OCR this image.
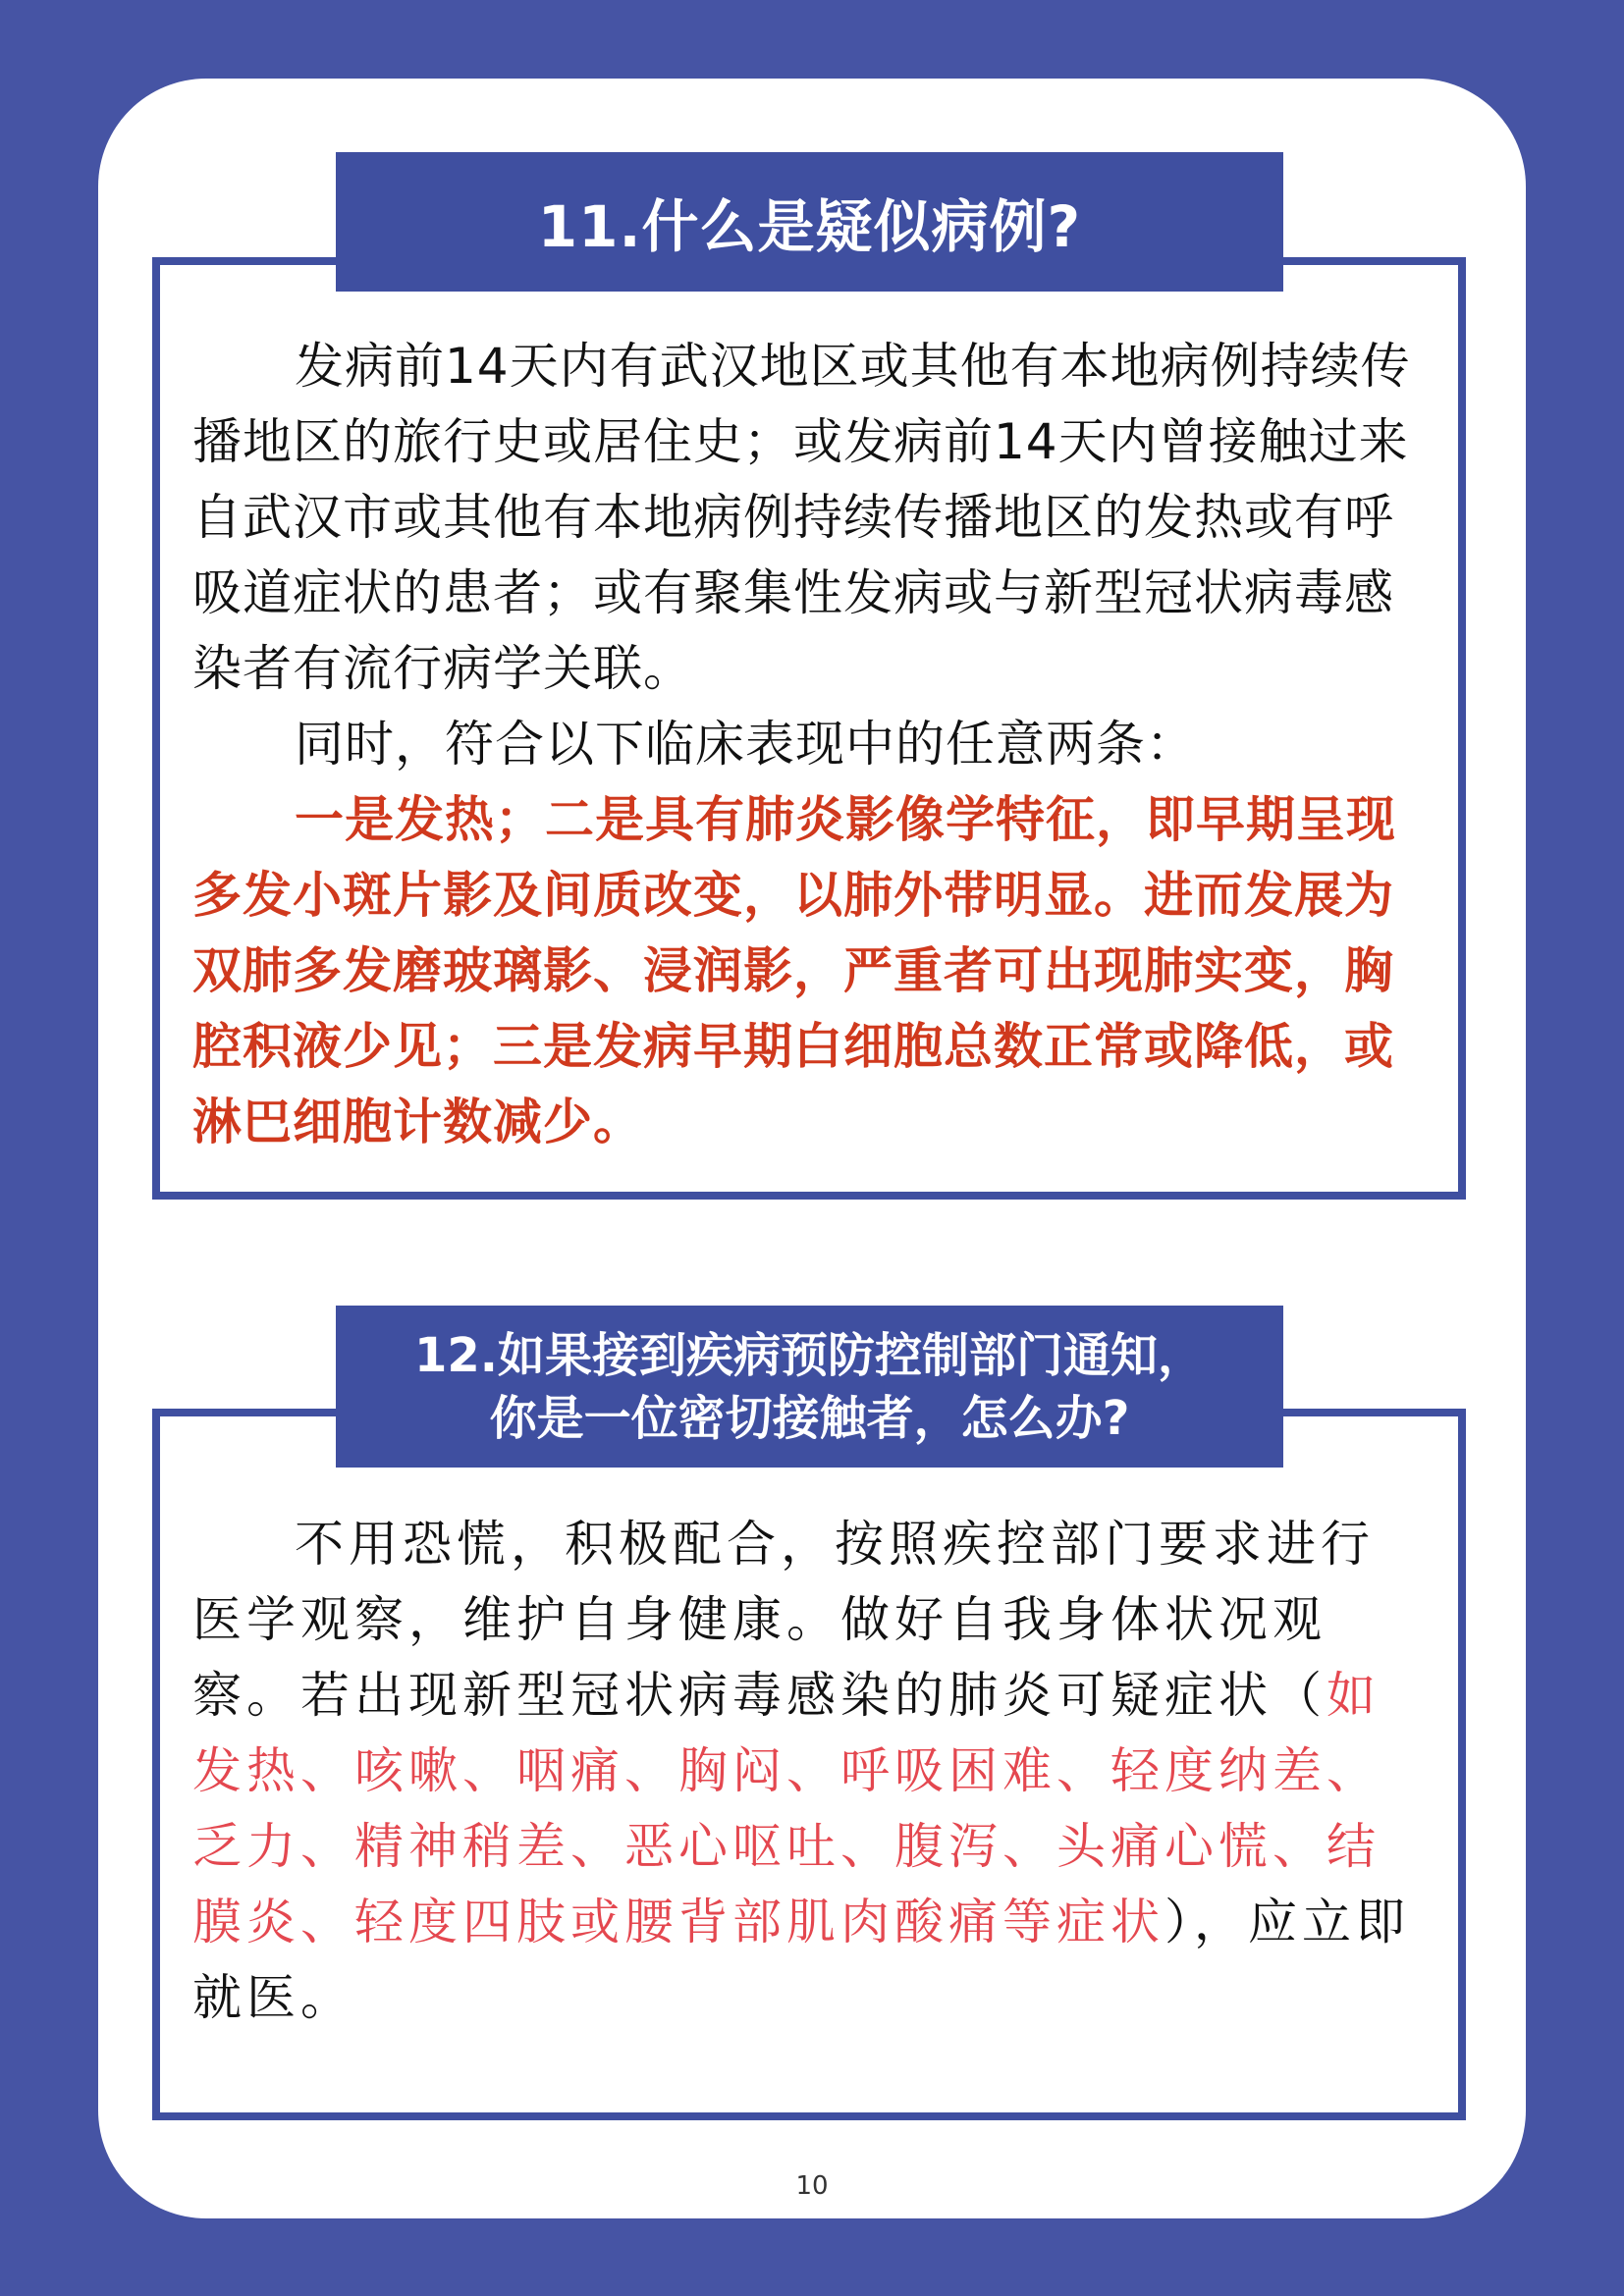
11.什么是疑似病例?

发病前14天内有武汉地区或其他有本地病例持续传播地区的旅行史或居住史；或发病前14天内曾接触过来自武汉市或其他有本地病例持续传播地区的发热或有呼吸道症状的患者；或有聚集性发病或与新型冠状病毒感染者有流行病学关联。

同时，符合以下临床表现中的任意两条：

一是发热；二是具有肺炎影像学特征，即早期呈现多发小斑片影及间质改变，以肺外带明显。进而发展为双肺多发磨玻璃影、浸润影，严重者可出现肺实变，胸腔积液少见；三是发病早期白细胞总数正常或降低，或淋巴细胞计数减少。

12.如果接到疾病预防控制部门通知，
你是一位密切接触者，怎么办?

不用恐慌，积极配合，按照疾控部门要求进行医学观察，维护自身健康。做好自我身体状况观察。若出现新型冠状病毒感染的肺炎可疑症状（如发热、咳嗽、咽痛、胸闷、呼吸困难、轻度纳差、乏力、精神稍差、恶心呕吐、腹泻、头痛心慌、结膜炎、轻度四肢或腰背部肌肉酸痛等症状），应立即就医。

10
